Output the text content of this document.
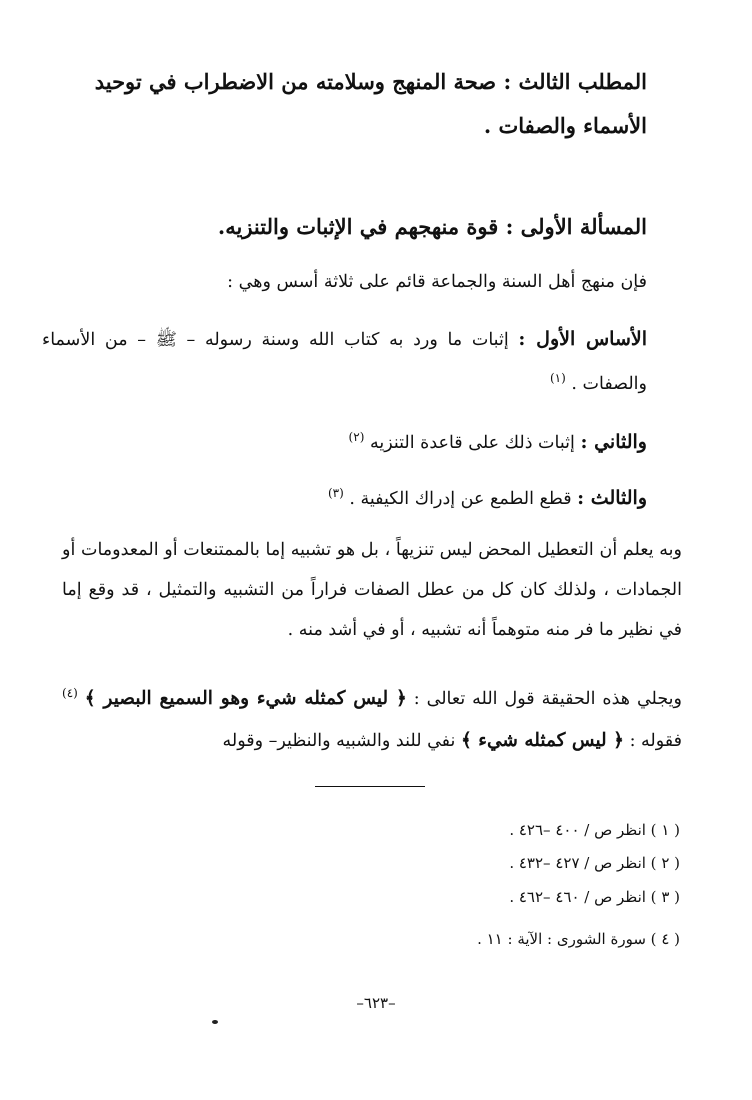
المطلب الثالث : صحة المنهج وسلامته من الاضطراب في توحيد الأسماء والصفات .
المسألة الأولى : قوة منهجهم في الإثبات والتنزيه.
فإن منهج أهل السنة والجماعة قائم على ثلاثة أسس وهي :
الأساس الأول : إثبات ما ورد به كتاب الله وسنة رسوله – ﷺ – من الأسماء والصفات . $^{(١)}$
والثاني : إثبات ذلك على قاعدة التنزيه $^{(٢)}$
والثالث : قطع الطمع عن إدراك الكيفية . $^{(٣)}$
وبه يعلم أن التعطيل المحض ليس تنزيهاً ، بل هو تشبيه إما بالممتنعات أو المعدومات أو الجمادات ، ولذلك كان كل من عطل الصفات فراراً من التشبيه والتمثيل ، قد وقع إما في نظير ما فر منه متوهماً أنه تشبيه ، أو في أشد منه .
ويجلي هذه الحقيقة قول الله تعالى : ﴿ ليس كمثله شيء وهو السميع البصير ﴾ $^{(٤)}$ فقوله : ﴿ ليس كمثله شيء ﴾ نفي للند والشبيه والنظير– وقوله
( ١ ) انظر ص / ٤٠٠ –٤٢٦ .
( ٢ ) انظر ص / ٤٢٧ –٤٣٢ .
( ٣ ) انظر ص / ٤٦٠ –٤٦٢ .
( ٤ ) سورة الشورى : الآية : ١١ .
–٦٢٣–
